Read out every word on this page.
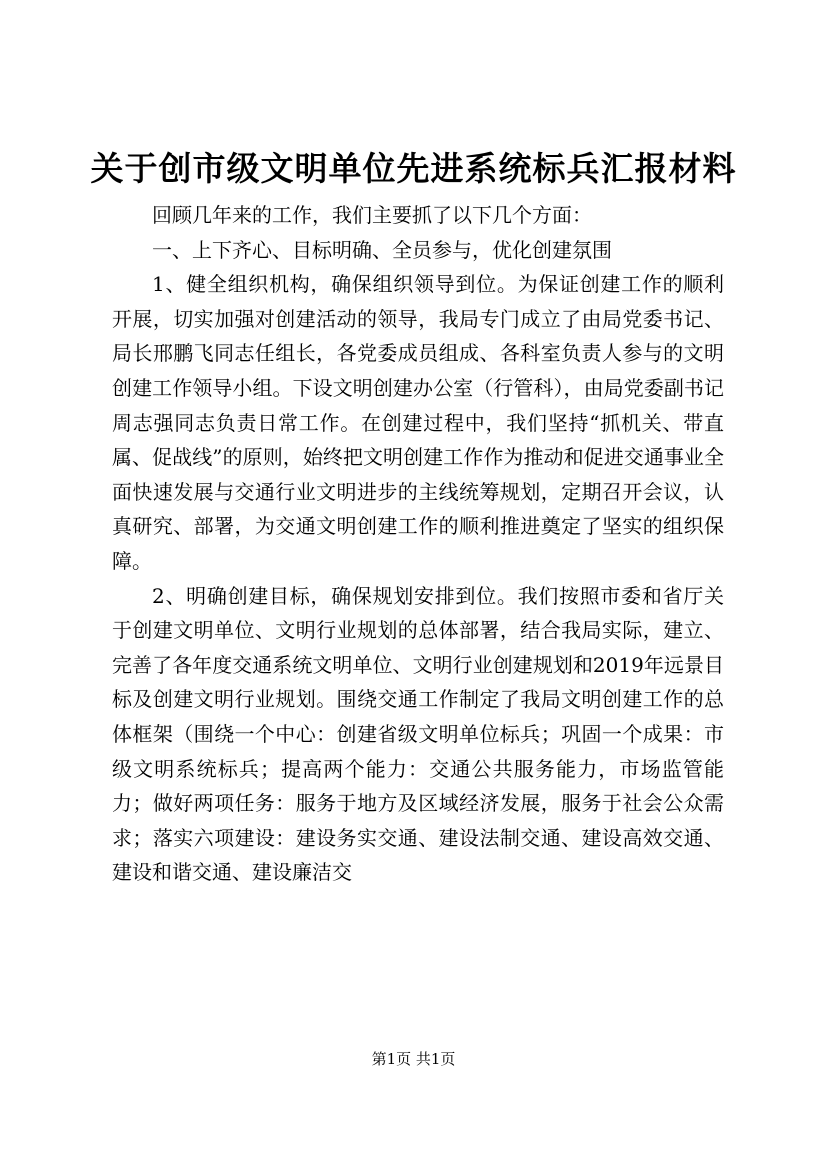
关于创市级文明单位先进系统标兵汇报材料

回顾几年来的工作，我们主要抓了以下几个方面：

一、上下齐心、目标明确、全员参与，优化创建氛围

1、健全组织机构，确保组织领导到位。为保证创建工作的顺利开展，切实加强对创建活动的领导，我局专门成立了由局党委书记、局长邢鹏飞同志任组长，各党委成员组成、各科室负责人参与的文明创建工作领导小组。下设文明创建办公室（行管科），由局党委副书记周志强同志负责日常工作。在创建过程中，我们坚持“抓机关、带直属、促战线”的原则，始终把文明创建工作作为推动和促进交通事业全面快速发展与交通行业文明进步的主线统筹规划，定期召开会议，认真研究、部署，为交通文明创建工作的顺利推进奠定了坚实的组织保障。

2、明确创建目标，确保规划安排到位。我们按照市委和省厅关于创建文明单位、文明行业规划的总体部署，结合我局实际，建立、完善了各年度交通系统文明单位、文明行业创建规划和2019年远景目标及创建文明行业规划。围绕交通工作制定了我局文明创建工作的总体框架（围绕一个中心：创建省级文明单位标兵；巩固一个成果：市级文明系统标兵；提高两个能力：交通公共服务能力，市场监管能力；做好两项任务：服务于地方及区域经济发展，服务于社会公众需求；落实六项建设：建设务实交通、建设法制交通、建设高效交通、建设和谐交通、建设廉洁交

第1页 共1页
